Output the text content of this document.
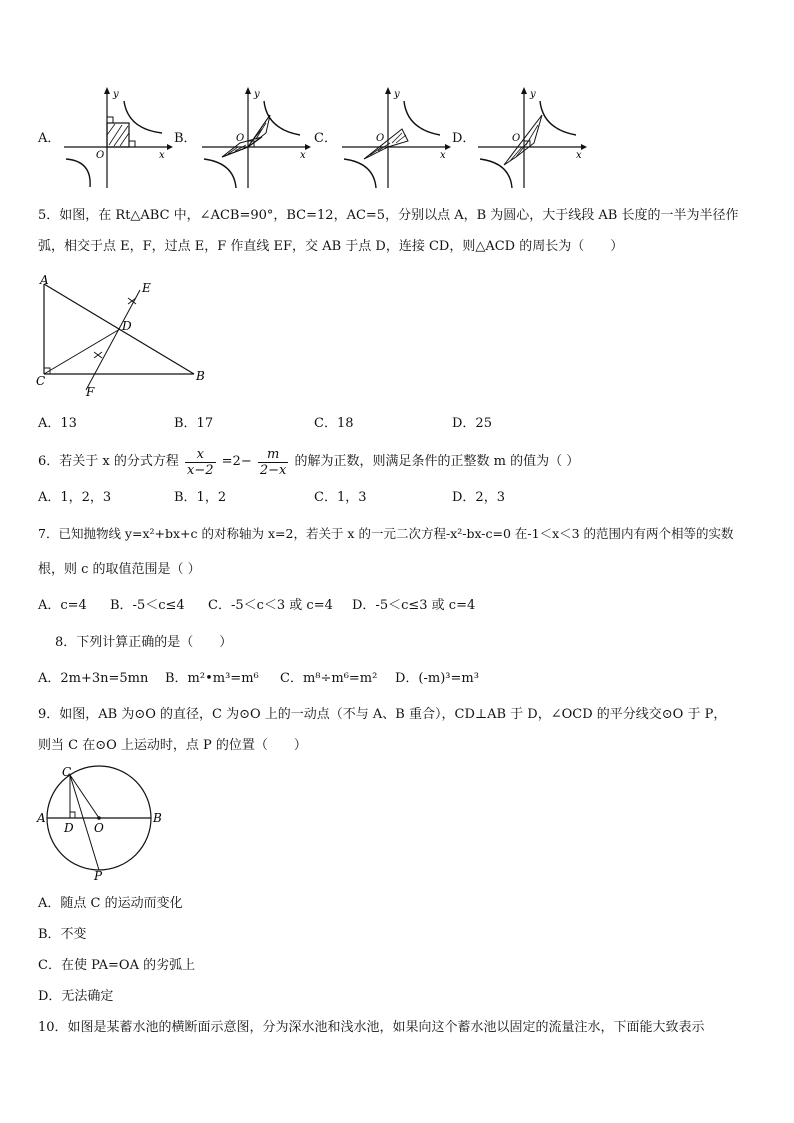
A．
O	x
y
B．	O
x
y
C．	O
x
y
D．	O
x
y
5．如图，在 Rt△ABC 中，∠ACB=90°，BC=12，AC=5，分别以点 A，B 为圆心，大于线段 AB 长度的一半为半径作
弧，相交于点 E，F，过点 E，F 作直线 EF，交 AB 于点 D，连接 CD，则△ACD 的周长为（　　）
A
E
D
C	B
F
A．13	B．17	C．18	D．25
6．若关于 x 的分式方程 $\frac{x}{x-2} =2- \frac{m}{2-x}$ 的解为正数，则满足条件的正整数 m 的值为（ ）
A．1，2，3	B．1，2	C．1，3	D．2，3
7．已知抛物线 y=x²+bx+c 的对称轴为 x=2，若关于 x 的一元二次方程-x²-bx-c=0 在-1＜x＜3 的范围内有两个相等的实数
根，则 c 的取值范围是（ ）
A．c=4 B．-5＜c≤4 C．-5＜c＜3 或 c=4 D．-5＜c≤3 或 c=4
8．下列计算正确的是（　　）
A．2m+3n=5mn B．m²•m³=m⁶ C．m⁸÷m⁶=m² D．(-m)³=m³
9．如图，AB 为⊙O 的直径，C 为⊙O 上的一动点（不与 A、B 重合），CD⊥AB 于 D，∠OCD 的平分线交⊙O 于 P，
则当 C 在⊙O 上运动时，点 P 的位置（　　）
C
A	B
D O
P
A．随点 C 的运动而变化
B．不变
C．在使 PA=OA 的劣弧上
D．无法确定
10．如图是某蓄水池的横断面示意图，分为深水池和浅水池，如果向这个蓄水池以固定的流量注水，下面能大致表示
